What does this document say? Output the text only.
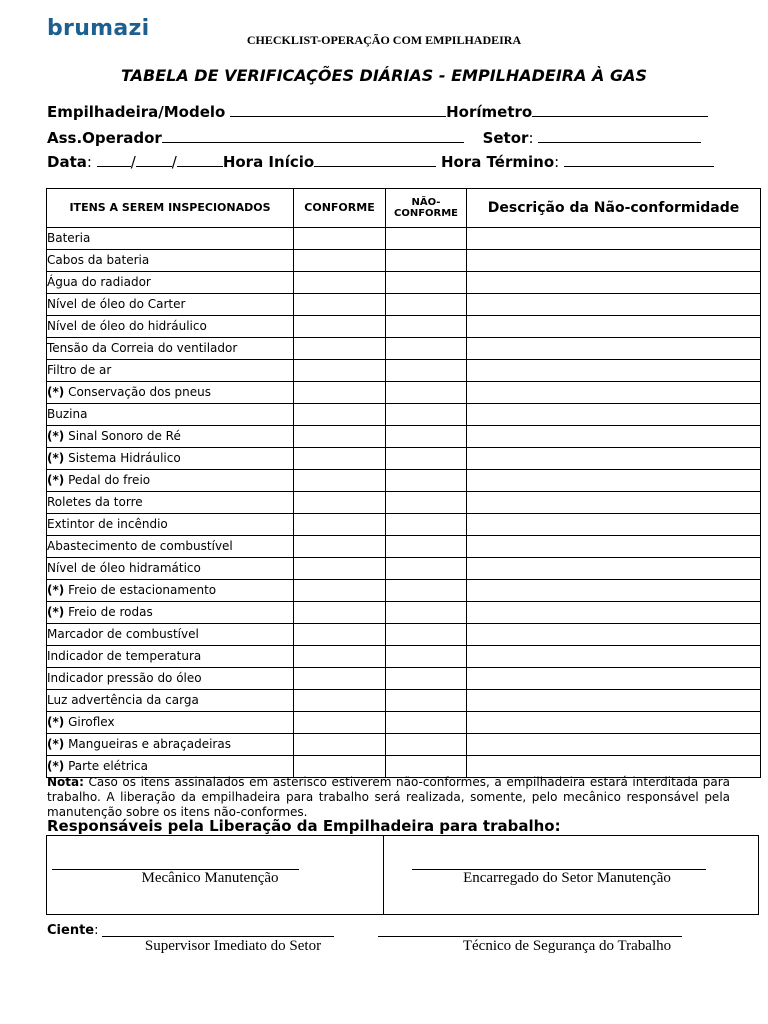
brumazi	CHECKLIST-OPERAÇÃO COM EMPILHADEIRA
TABELA DE VERIFICAÇÕES DIÁRIAS - EMPILHADEIRA À GAS
Empilhadeira/Modelo	Horímetro
Ass.Operador	Setor:
Data: / /	Hora Início	Hora Término:
ITENS A SEREM INSPECIONADOS	CONFORME	NÃO-CONFORME	Descrição da Não-conformidade
Bateria			
Cabos da bateria			
Água do radiador			
Nível de óleo do Carter			
Nível de óleo do hidráulico			
Tensão da Correia do ventilador			
Filtro de ar			
(*) Conservação dos pneus			
Buzina			
(*) Sinal Sonoro de Ré			
(*) Sistema Hidráulico			
(*) Pedal do freio			
Roletes da torre			
Extintor de incêndio			
Abastecimento de combustível			
Nível de óleo hidramático			
(*) Freio de estacionamento			
(*) Freio de rodas			
Marcador de combustível			
Indicador de temperatura			
Indicador pressão do óleo			
Luz advertência da carga			
(*) Giroflex			
(*) Mangueiras e abraçadeiras			
(*) Parte elétrica			
Nota: Caso os itens assinalados em asterisco estiverem não-conformes, a empilhadeira estará interditada para trabalho. A liberação da empilhadeira para trabalho será realizada, somente, pelo mecânico responsável pela manutenção sobre os itens não-conformes.
Responsáveis pela Liberação da Empilhadeira para trabalho:
Mecânico Manutenção	Encarregado do Setor Manutenção
Ciente:
Supervisor Imediato do Setor	Técnico de Segurança do Trabalho
